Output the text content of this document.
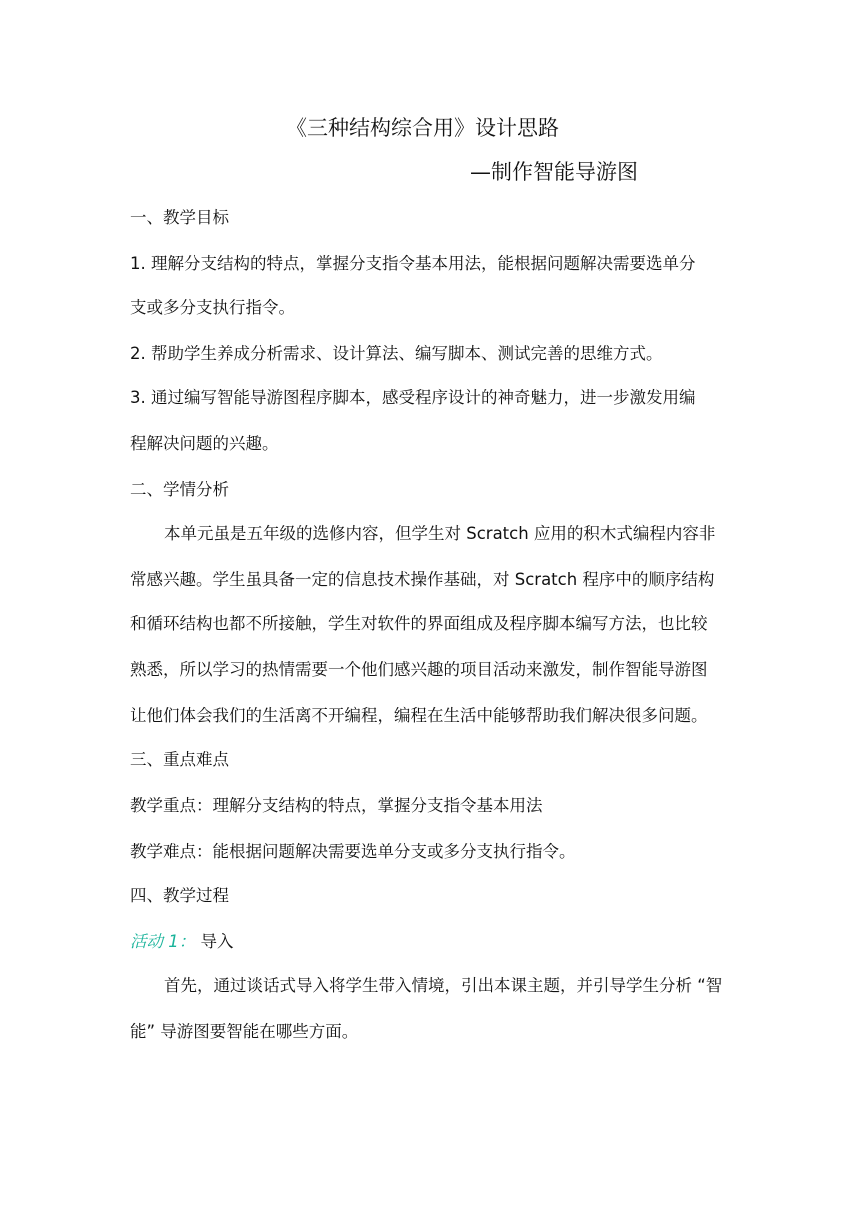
《三种结构综合用》设计思路
—制作智能导游图
一、教学目标
1. 理解分支结构的特点，掌握分支指令基本用法，能根据问题解决需要选单分
支或多分支执行指令。
2. 帮助学生养成分析需求、设计算法、编写脚本、测试完善的思维方式。
3. 通过编写智能导游图程序脚本，感受程序设计的神奇魅力，进一步激发用编
程解决问题的兴趣。
二、学情分析
本单元虽是五年级的选修内容，但学生对 Scratch 应用的积木式编程内容非
常感兴趣。学生虽具备一定的信息技术操作基础，对 Scratch 程序中的顺序结构
和循环结构也都不所接触，学生对软件的界面组成及程序脚本编写方法，也比较
熟悉，所以学习的热情需要一个他们感兴趣的项目活动来激发，制作智能导游图
让他们体会我们的生活离不开编程，编程在生活中能够帮助我们解决很多问题。
三、重点难点
教学重点：理解分支结构的特点，掌握分支指令基本用法
教学难点：能根据问题解决需要选单分支或多分支执行指令。
四、教学过程
活动 1： 导入
首先，通过谈话式导入将学生带入情境，引出本课主题，并引导学生分析 “智
能” 导游图要智能在哪些方面。
